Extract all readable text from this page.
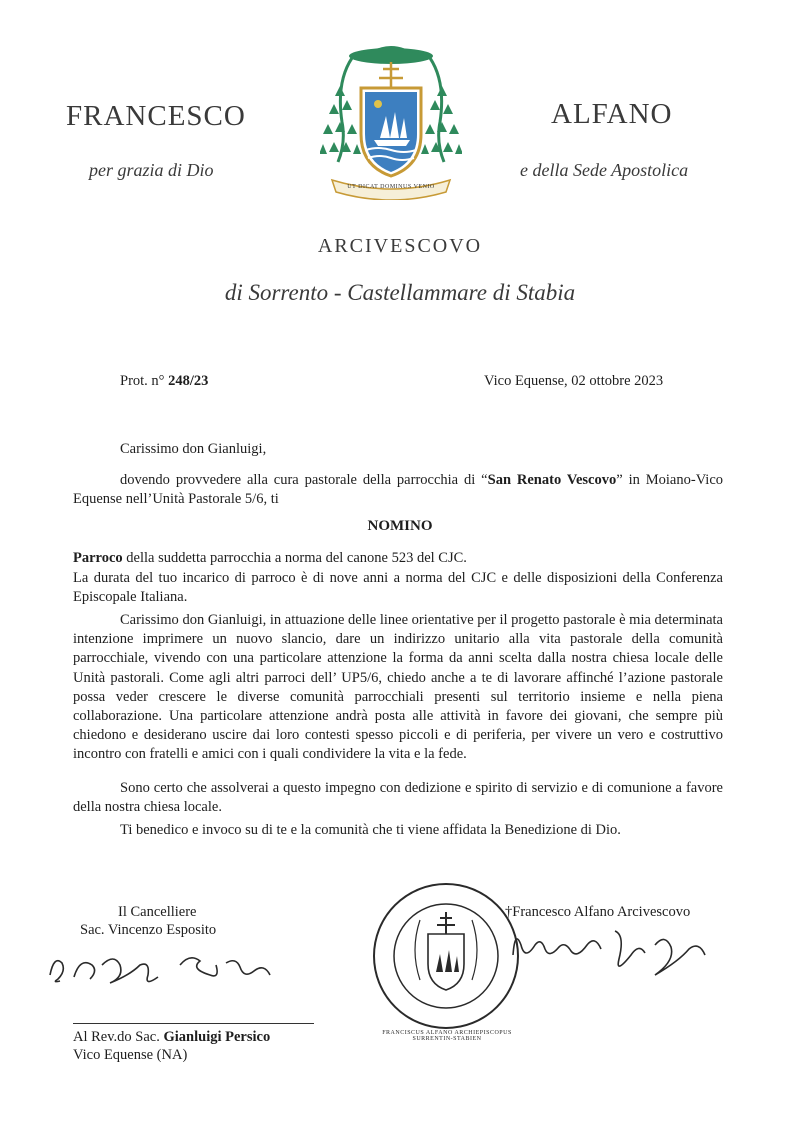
FRANCESCO	ALFANO
per grazia di Dio	e della Sede Apostolica
UT DICAT DOMINUS VENIO
ARCIVESCOVO
di Sorrento - Castellammare di Stabia
Prot. n° 248/23	Vico Equense, 02 ottobre 2023
Carissimo don Gianluigi,
dovendo provvedere alla cura pastorale della parrocchia di “San Renato Vescovo” in Moiano-Vico Equense nell’Unità Pastorale 5/6, ti
NOMINO
Parroco della suddetta parrocchia a norma del canone 523 del CJC.
La durata del tuo incarico di parroco è di nove anni a norma del CJC e delle disposizioni della Conferenza Episcopale Italiana.
Carissimo don Gianluigi, in attuazione delle linee orientative per il progetto pastorale è mia determinata intenzione imprimere un nuovo slancio, dare un indirizzo unitario alla vita pastorale della comunità parrocchiale, vivendo con una particolare attenzione la forma da anni scelta dalla nostra chiesa locale delle Unità pastorali. Come agli altri parroci dell’ UP5/6, chiedo anche a te di lavorare affinché l’azione pastorale possa veder crescere le diverse comunità parrocchiali presenti sul territorio insieme e nella piena collaborazione. Una particolare attenzione andrà posta alle attività in favore dei giovani, che sempre più chiedono e desiderano uscire dai loro contesti spesso piccoli e di periferia, per vivere un vero e costruttivo incontro con fratelli e amici con i quali condividere la vita e la fede.
Sono certo che assolverai a questo impegno con dedizione e spirito di servizio e di comunione a favore della nostra chiesa locale.
Ti benedico e invoco su di te e la comunità che ti viene affidata la Benedizione di Dio.
Il Cancelliere
Sac. Vincenzo Esposito
FRANCISCUS ALFANO ARCHIEPISCOPUS SURRENTIN-STABIEN
†Francesco Alfano Arcivescovo
Al Rev.do Sac. Gianluigi Persico
Vico Equense (NA)
